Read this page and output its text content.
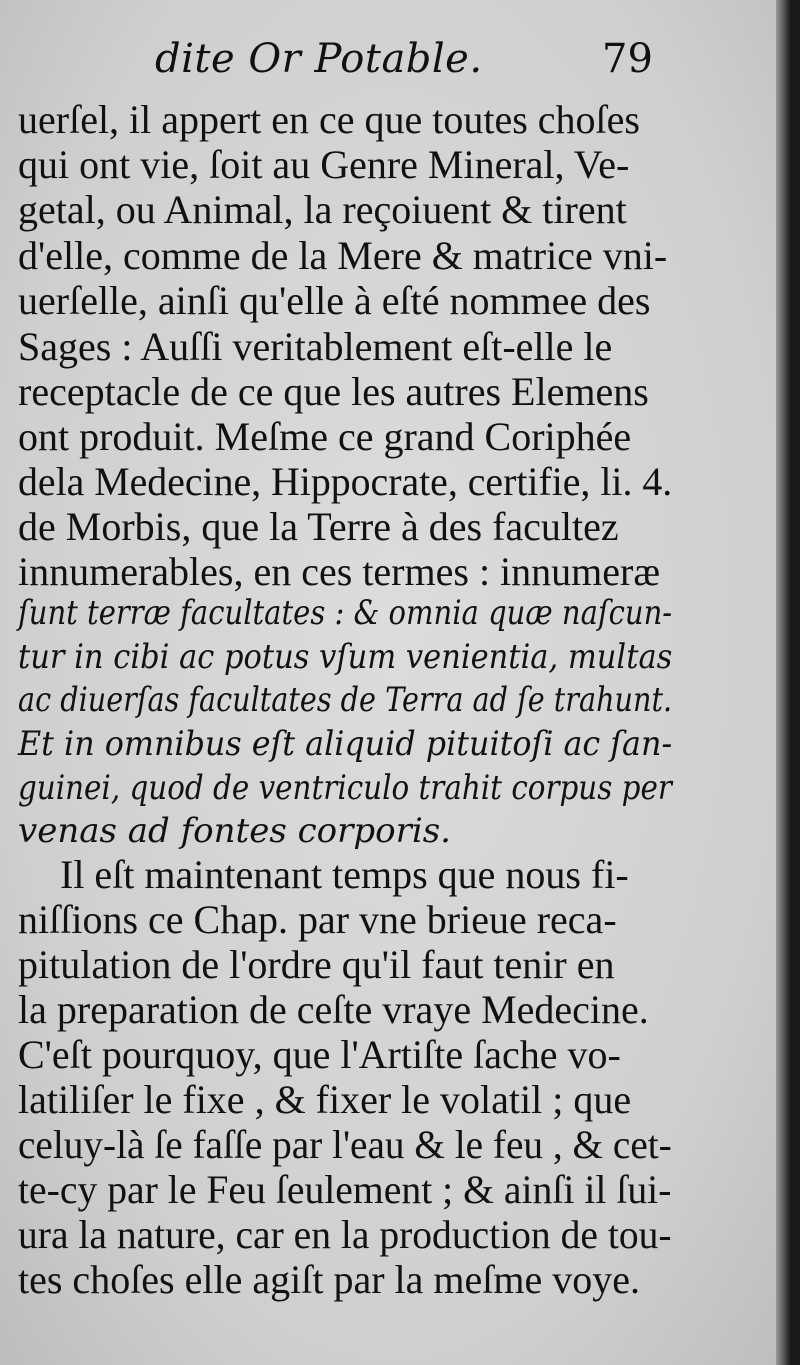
dite Or Potable.	79
uerſel, il appert en ce que toutes choſes
qui ont vie, ſoit au Genre Mineral, Ve-
getal, ou Animal, la reçoiuent & tirent
d'elle, comme de la Mere & matrice vni-
uerſelle, ainſi qu'elle à eſté nommee des
Sages : Auſſi veritablement eſt-elle le
receptacle de ce que les autres Elemens
ont produit. Meſme ce grand Coriphée
dela Medecine, Hippocrate, certifie, li. 4.
de Morbis, que la Terre à des facultez
innumerables, en ces termes : innumeræ
ſunt terræ facultates : & omnia quæ naſcun-
tur in cibi ac potus vſum venientia, multas
ac diuerſas facultates de Terra ad ſe trahunt.
Et in omnibus eſt aliquid pituitoſi ac ſan-
guinei, quod de ventriculo trahit corpus per
venas ad fontes corporis.
Il eſt maintenant temps que nous fi-
niſſions ce Chap. par vne brieue reca-
pitulation de l'ordre qu'il faut tenir en
la preparation de ceſte vraye Medecine.
C'eſt pourquoy, que l'Artiſte ſache vo-
latiliſer le fixe , & fixer le volatil ; que
celuy-là ſe faſſe par l'eau & le feu , & cet-
te-cy par le Feu ſeulement ; & ainſi il ſui-
ura la nature, car en la production de tou-
tes choſes elle agiſt par la meſme voye.
